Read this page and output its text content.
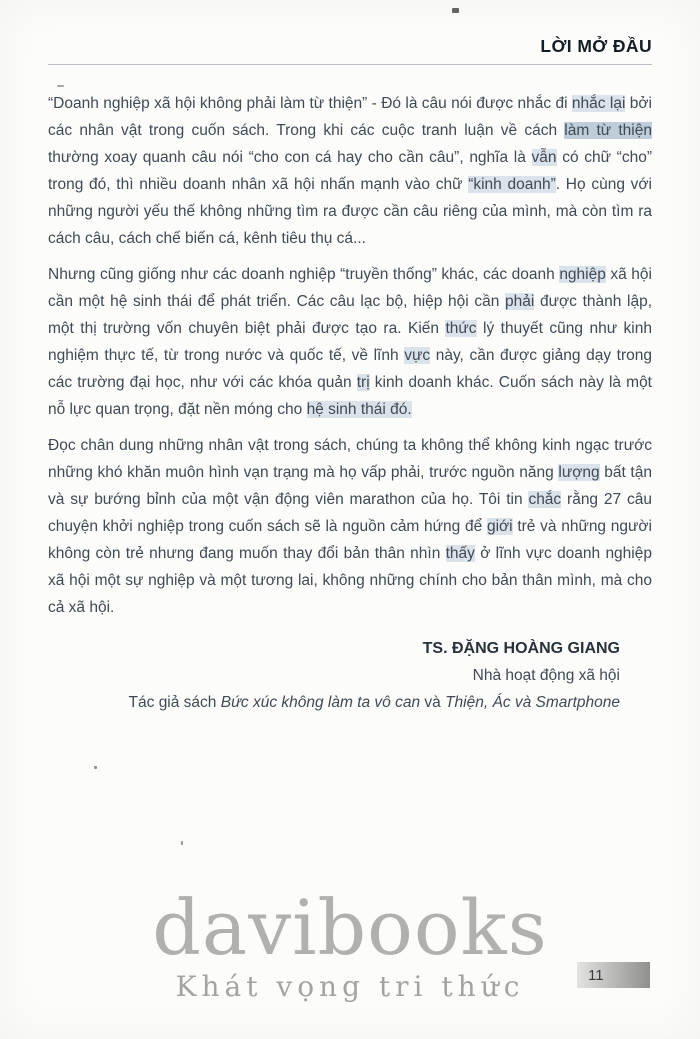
LỜI MỞ ĐẦU

“Doanh nghiệp xã hội không phải làm từ thiện” - Đó là câu nói được nhắc đi nhắc lại bởi các nhân vật trong cuốn sách. Trong khi các cuộc tranh luận về cách làm từ thiện thường xoay quanh câu nói “cho con cá hay cho cần câu”, nghĩa là vẫn có chữ “cho” trong đó, thì nhiều doanh nhân xã hội nhấn mạnh vào chữ “kinh doanh”. Họ cùng với những người yếu thế không những tìm ra được cần câu riêng của mình, mà còn tìm ra cách câu, cách chế biến cá, kênh tiêu thụ cá...

Nhưng cũng giống như các doanh nghiệp “truyền thống” khác, các doanh nghiệp xã hội cần một hệ sinh thái để phát triển. Các câu lạc bộ, hiệp hội cần phải được thành lập, một thị trường vốn chuyên biệt phải được tạo ra. Kiến thức lý thuyết cũng như kinh nghiệm thực tế, từ trong nước và quốc tế, về lĩnh vực này, cần được giảng dạy trong các trường đại học, như với các khóa quản trị kinh doanh khác. Cuốn sách này là một nỗ lực quan trọng, đặt nền móng cho hệ sinh thái đó.

Đọc chân dung những nhân vật trong sách, chúng ta không thể không kinh ngạc trước những khó khăn muôn hình vạn trạng mà họ vấp phải, trước nguồn năng lượng bất tận và sự bướng bỉnh của một vận động viên marathon của họ. Tôi tin chắc rằng 27 câu chuyện khởi nghiệp trong cuốn sách sẽ là nguồn cảm hứng để giới trẻ và những người không còn trẻ nhưng đang muốn thay đổi bản thân nhìn thấy ở lĩnh vực doanh nghiệp xã hội một sự nghiệp và một tương lai, không những chính cho bản thân mình, mà cho cả xã hội.

TS. ĐẶNG HOÀNG GIANG
Nhà hoạt động xã hội
Tác giả sách Bức xúc không làm ta vô can và Thiện, Ác và Smartphone
davibooks
Khát vọng tri thức	11
